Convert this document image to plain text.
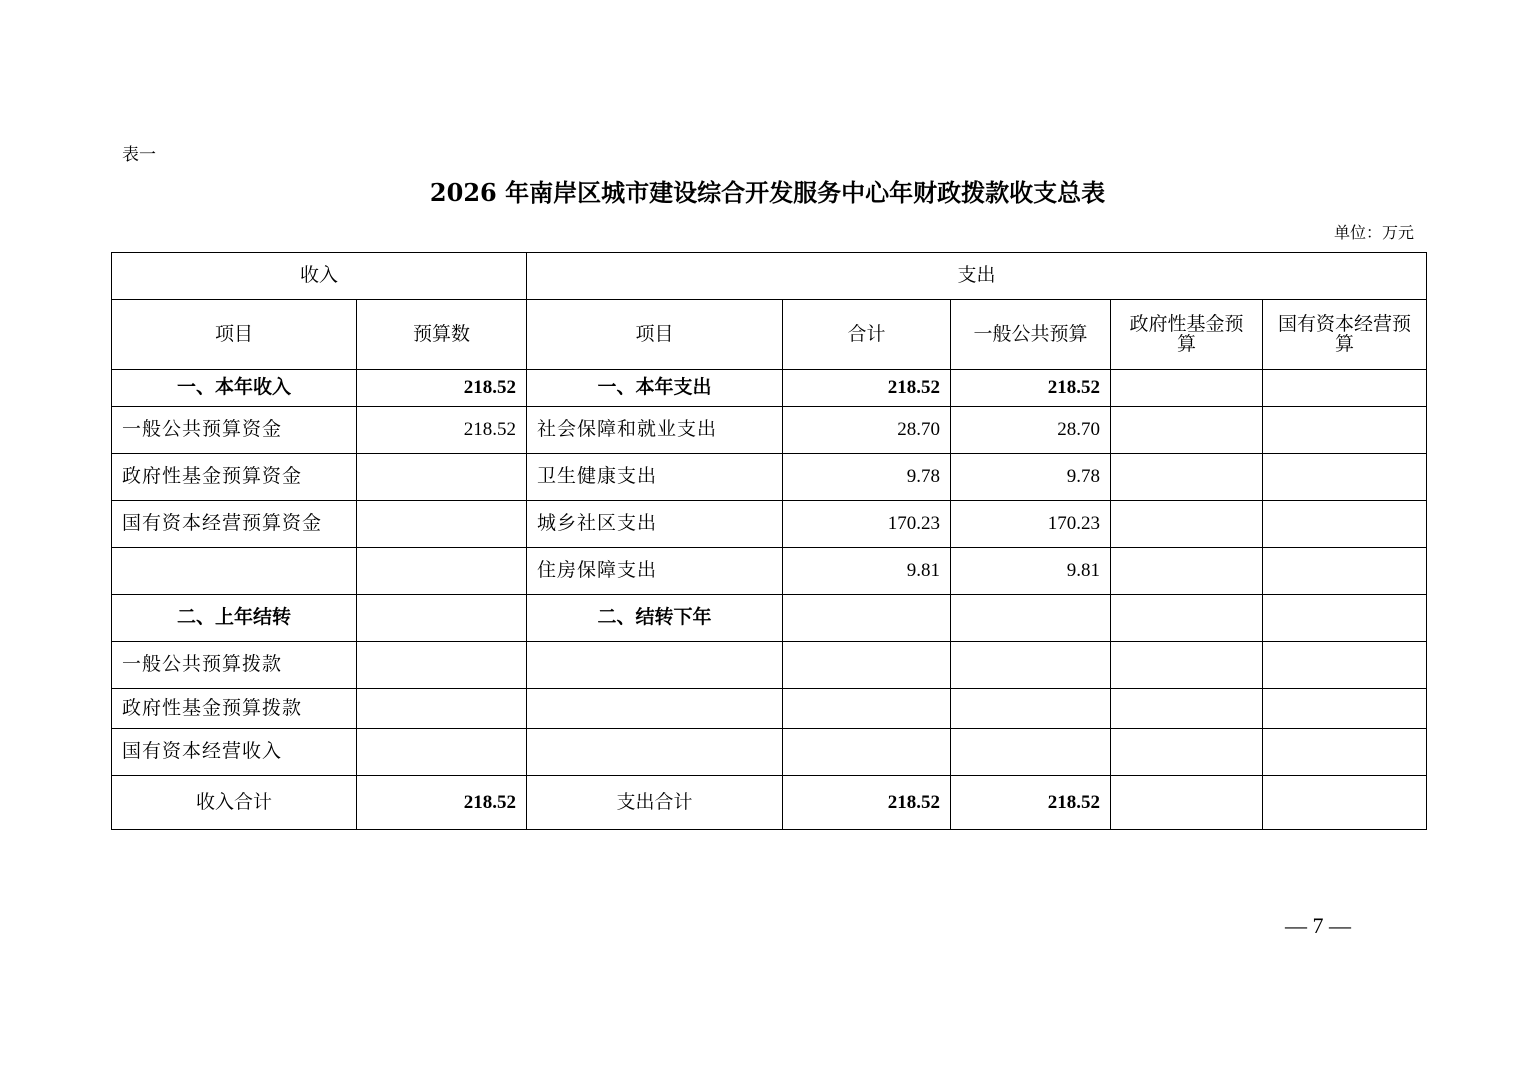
表一
2026 年南岸区城市建设综合开发服务中心年财政拨款收支总表
单位：万元
收入		支出				
项目	预算数	项目	合计	一般公共预算	政府性基金预算	国有资本经营预算
一、本年收入	218.52	一、本年支出	218.52	218.52		
一般公共预算资金	218.52	社会保障和就业支出	28.70	28.70		
政府性基金预算资金		卫生健康支出	9.78	9.78		
国有资本经营预算资金		城乡社区支出	170.23	170.23		
		住房保障支出	9.81	9.81		
二、上年结转		二、结转下年				
一般公共预算拨款						
政府性基金预算拨款						
国有资本经营收入						
收入合计	218.52	支出合计	218.52	218.52		
— 7 —
